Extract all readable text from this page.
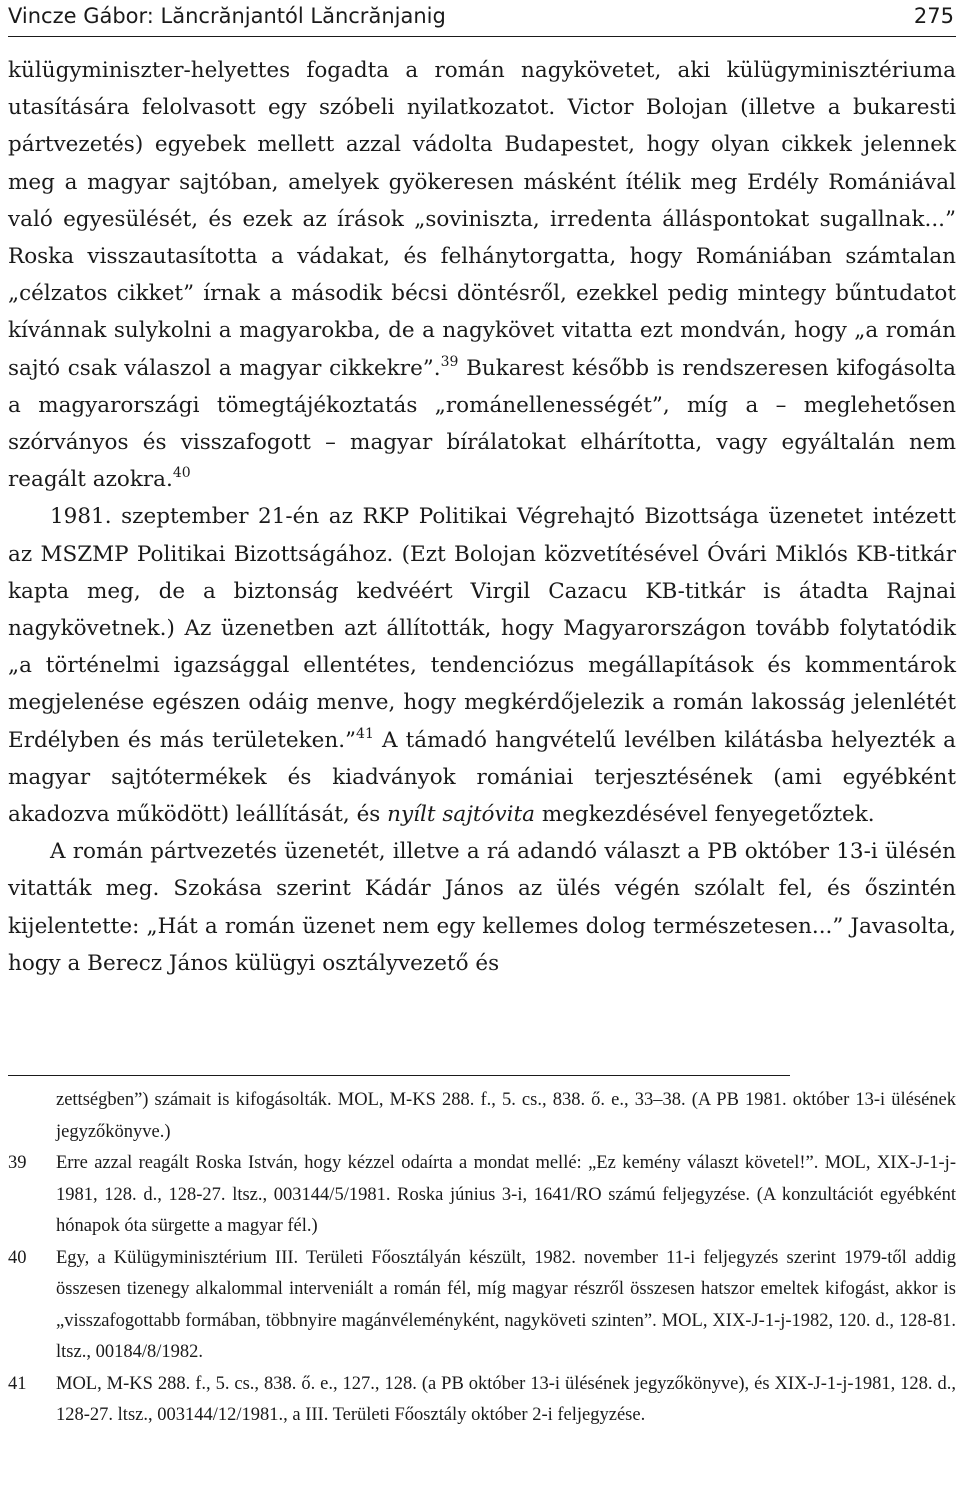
Vincze Gábor: Lăncrănjantól Lăncrănjanig	275

külügyminiszter-helyettes fogadta a román nagykövetet, aki külügyminisztériuma utasítására felolvasott egy szóbeli nyilatkozatot. Victor Bolojan (illetve a bukaresti pártvezetés) egyebek mellett azzal vádolta Budapestet, hogy olyan cikkek jelennek meg a magyar sajtóban, amelyek gyökeresen másként ítélik meg Erdély Romániával való egyesülését, és ezek az írások „soviniszta, irredenta álláspontokat sugallnak...” Roska visszautasította a vádakat, és felhánytorgatta, hogy Romániában számtalan „célzatos cikket” írnak a második bécsi döntésről, ezekkel pedig mintegy bűntudatot kívánnak sulykolni a magyarokba, de a nagykövet vitatta ezt mondván, hogy „a román sajtó csak válaszol a magyar cikkekre”.$^{39}$ Bukarest később is rendszeresen kifogásolta a magyarországi tömegtájékoztatás „románellenességét”, míg a – meglehetősen szórványos és visszafogott – magyar bírálatokat elhárította, vagy egyáltalán nem reagált azokra.$^{40}$

1981. szeptember 21-én az RKP Politikai Végrehajtó Bizottsága üzenetet intézett az MSZMP Politikai Bizottságához. (Ezt Bolojan közvetítésével Óvári Miklós KB-titkár kapta meg, de a biztonság kedvéért Virgil Cazacu KB-titkár is átadta Rajnai nagykövetnek.) Az üzenetben azt állították, hogy Magyarországon tovább folytatódik „a történelmi igazsággal ellentétes, tendenciózus megállapítások és kommentárok megjelenése egészen odáig menve, hogy megkérdőjelezik a román lakosság jelenlétét Erdélyben és más területeken.”$^{41}$ A támadó hangvételű levélben kilátásba helyezték a magyar sajtótermékek és kiadványok romániai terjesztésének (ami egyébként akadozva működött) leállítását, és nyílt sajtóvita megkezdésével fenyegetőztek.

A román pártvezetés üzenetét, illetve a rá adandó választ a PB október 13-i ülésén vitatták meg. Szokása szerint Kádár János az ülés végén szólalt fel, és őszintén kijelentette: „Hát a román üzenet nem egy kellemes dolog természetesen...” Javasolta, hogy a Berecz János külügyi osztályvezető és

zettségben”) számait is kifogásolták. MOL, M-KS 288. f., 5. cs., 838. ő. e., 33–38. (A PB 1981. október 13-i ülésének jegyzőkönyve.)
39	Erre azzal reagált Roska István, hogy kézzel odaírta a mondat mellé: „Ez kemény választ követel!”. MOL, XIX-J-1-j-1981, 128. d., 128-27. ltsz., 003144/5/1981. Roska június 3-i, 1641/RO számú feljegyzése. (A konzultációt egyébként hónapok óta sürgette a magyar fél.)
40	Egy, a Külügyminisztérium III. Területi Főosztályán készült, 1982. november 11-i feljegyzés szerint 1979-től addig összesen tizenegy alkalommal interveniált a román fél, míg magyar részről összesen hatszor emeltek kifogást, akkor is „visszafogottabb formában, többnyire magánvéleményként, nagyköveti szinten”. MOL, XIX-J-1-j-1982, 120. d., 128-81. ltsz., 00184/8/1982.
41	MOL, M-KS 288. f., 5. cs., 838. ő. e., 127., 128. (a PB október 13-i ülésének jegyzőkönyve), és XIX-J-1-j-1981, 128. d., 128-27. ltsz., 003144/12/1981., a III. Területi Főosztály október 2-i feljegyzése.
